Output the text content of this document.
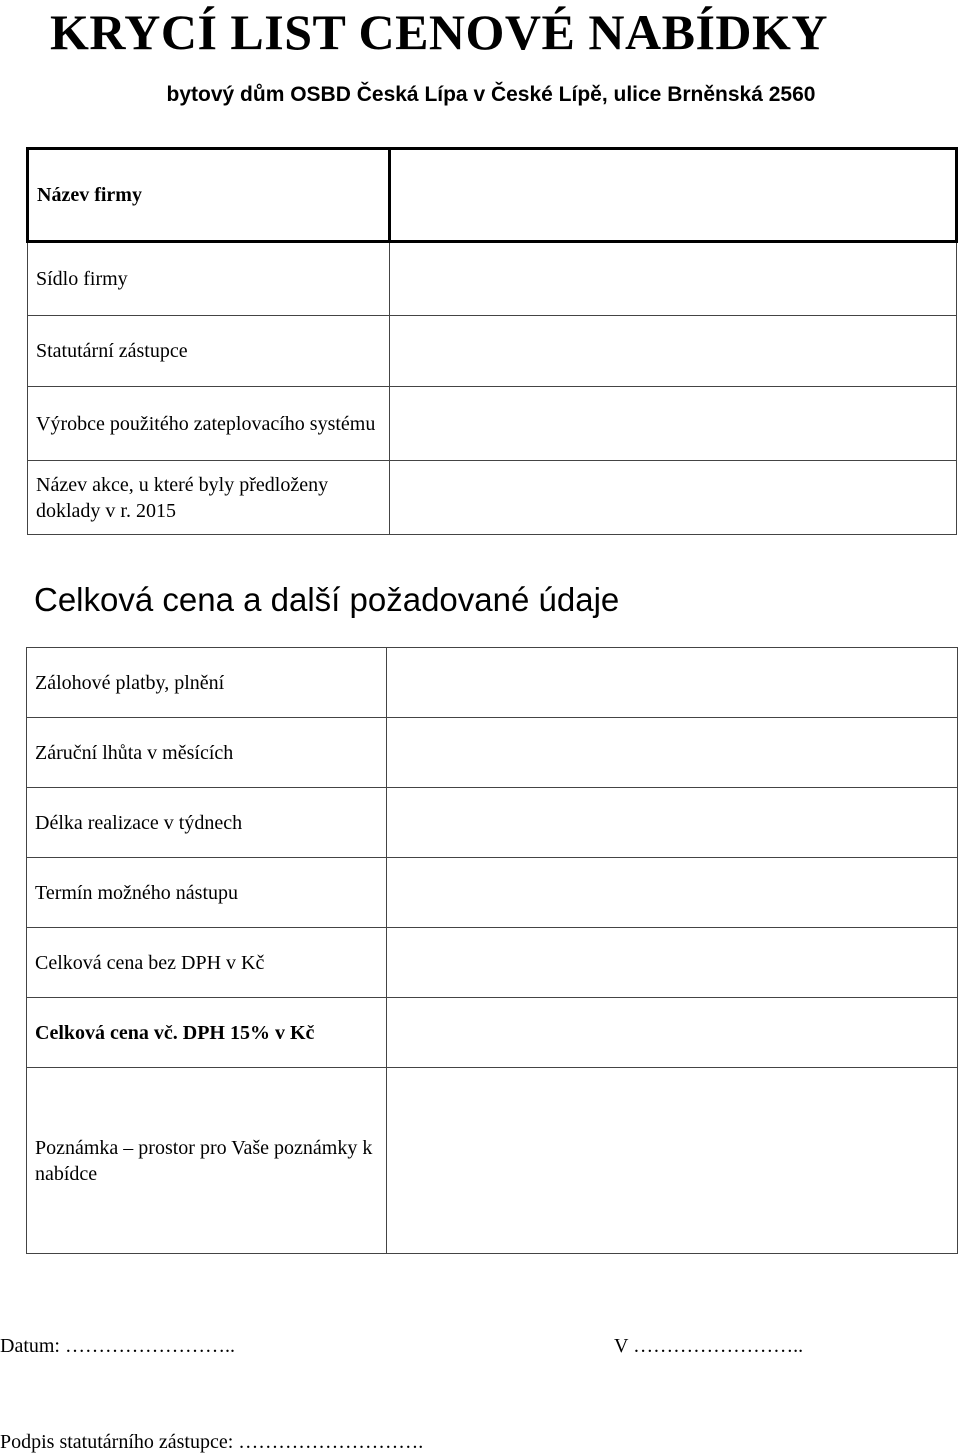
KRYCÍ LIST CENOVÉ NABÍDKY
bytový dům OSBD Česká Lípa v České Lípě, ulice Brněnská 2560
Název firmy	
Sídlo firmy	
Statutární zástupce	
Výrobce použitého zateplovacího systému	
Název akce, u které byly předloženy doklady v r. 2015	
Celková cena a další požadované údaje
Zálohové platby, plnění	
Záruční lhůta v měsících	
Délka realizace v týdnech	
Termín možného nástupu	
Celková cena bez DPH v Kč	
Celková cena vč. DPH 15% v Kč	
Poznámka – prostor pro Vaše poznámky k nabídce	
Datum: ……………………..	V ……………………..
Podpis statutárního zástupce: ……………………….
